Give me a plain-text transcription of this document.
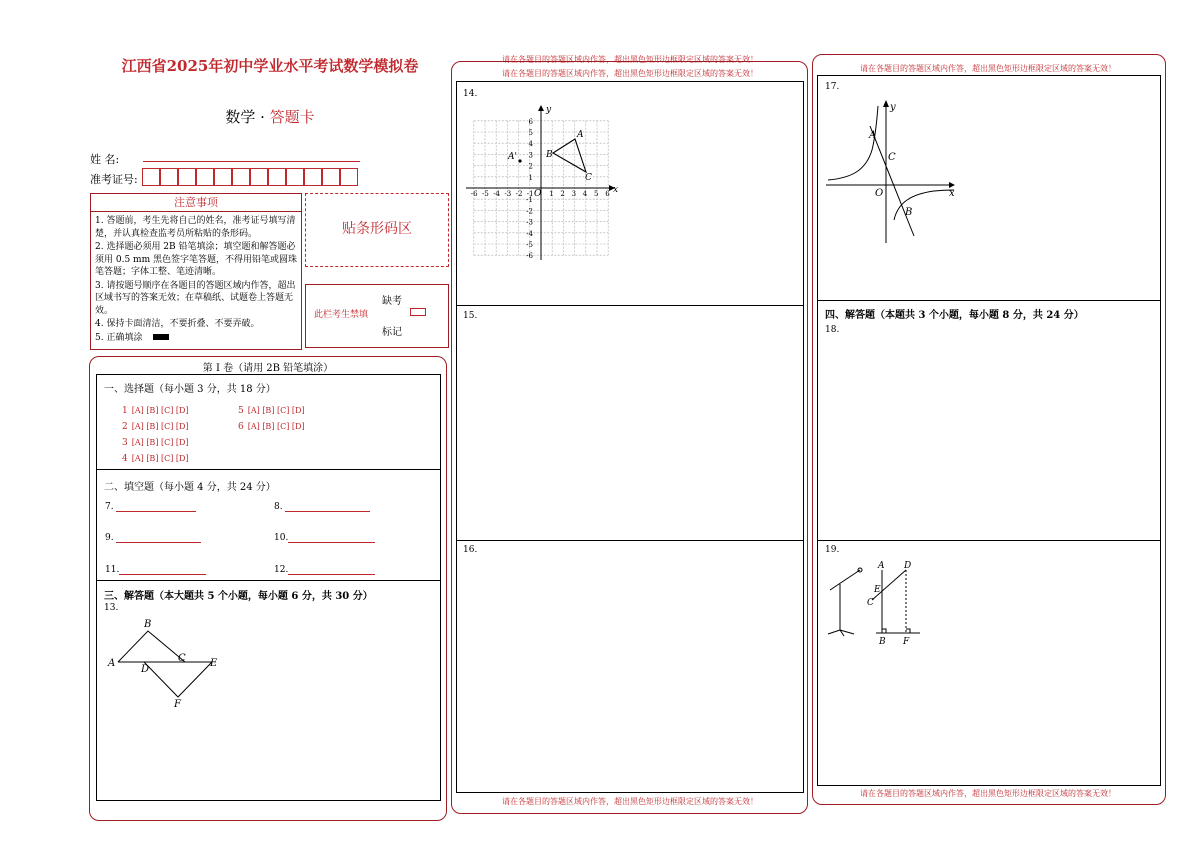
江西省2025年初中学业水平考试数学模拟卷
数学 · 答题卡
姓 名:
准考证号:
注意事项
1. 答题前，考生先将自己的姓名，准考证号填写清楚，并认真检查监考员所粘贴的条形码。
2. 选择题必须用 2B 铅笔填涂；填空题和解答题必须用 0.5 mm 黑色签字笔答题，不得用铅笔或圆珠笔答题；字体工整、笔迹清晰。
3. 请按题号顺序在各题目的答题区域内作答，超出区域书写的答案无效；在草稿纸、试题卷上答题无效。
4. 保持卡面清洁，不要折叠、不要弄破。
5. 正确填涂
贴条形码区
此栏考生禁填
缺考
标记
第 I 卷（请用 2B 铅笔填涂）
一、选择题（每小题 3 分，共 18 分）
1 [A] [B] [C] [D]
2 [A] [B] [C] [D]
3 [A] [B] [C] [D]
4 [A] [B] [C] [D]
5 [A] [B] [C] [D]
6 [A] [B] [C] [D]
二、填空题（每小题 4 分，共 24 分）
7.	8.
9.	10.
11.	12.
三、解答题（本大题共 5 个小题，每小题 6 分，共 30 分）
13.
A
B
C
D
E
F
请在各题目的答题区域内作答，超出黑色矩形边框限定区域的答案无效！
请在各题目的答题区域内作答，超出黑色矩形边框限定区域的答案无效！
请在各题目的答题区域内作答，超出黑色矩形边框限定区域的答案无效！
14.
15.
16.
-6 -5 -4 -3 -2 -1 1 2 3 4 5 6
6
5
4
3
2
1
-1
-2
-3
-4
-5
-6
A
B
C
A'
O	x
y
请在各题目的答题区域内作答，超出黑色矩形边框限定区域的答案无效！
请在各题目的答题区域内作答，超出黑色矩形边框限定区域的答案无效！
17.
四、解答题（本题共 3 个小题，每小题 8 分，共 24 分）
18.
19.
A
C
O
B
x
y
A D
E
C
B F
